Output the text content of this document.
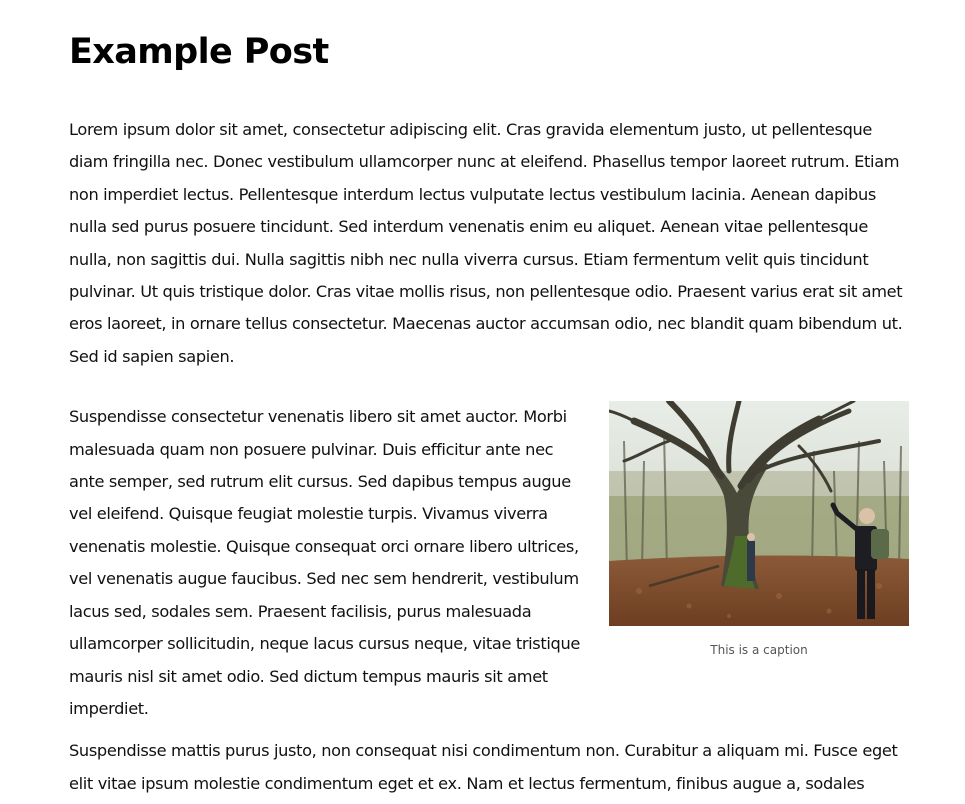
Example Post

Lorem ipsum dolor sit amet, consectetur adipiscing elit. Cras gravida elementum justo, ut pellentesque diam fringilla nec. Donec vestibulum ullamcorper nunc at eleifend. Phasellus tempor laoreet rutrum. Etiam non imperdiet lectus. Pellentesque interdum lectus vulputate lectus vestibulum lacinia. Aenean dapibus nulla sed purus posuere tincidunt. Sed interdum venenatis enim eu aliquet. Aenean vitae pellentesque nulla, non sagittis dui. Nulla sagittis nibh nec nulla viverra cursus. Etiam fermentum velit quis tincidunt pulvinar. Ut quis tristique dolor. Cras vitae mollis risus, non pellentesque odio. Praesent varius erat sit amet eros laoreet, in ornare tellus consectetur. Maecenas auctor accumsan odio, nec blandit quam bibendum ut. Sed id sapien sapien.

Suspendisse consectetur venenatis libero sit amet auctor. Morbi malesuada quam non posuere pulvinar. Duis efficitur ante nec ante semper, sed rutrum elit cursus. Sed dapibus tempus augue vel eleifend. Quisque feugiat molestie turpis. Vivamus viverra venenatis molestie. Quisque consequat orci ornare libero ultrices, vel venenatis augue faucibus. Sed nec sem hendrerit, vestibulum lacus sed, sodales sem. Praesent facilisis, purus malesuada ullamcorper sollicitudin, neque lacus cursus neque, vitae tristique mauris nisl sit amet odio. Sed dictum tempus mauris sit amet imperdiet.

This is a caption

Suspendisse mattis purus justo, non consequat nisi condimentum non. Curabitur a aliquam mi. Fusce eget elit vitae ipsum molestie condimentum eget et ex. Nam et lectus fermentum, finibus augue a, sodales
